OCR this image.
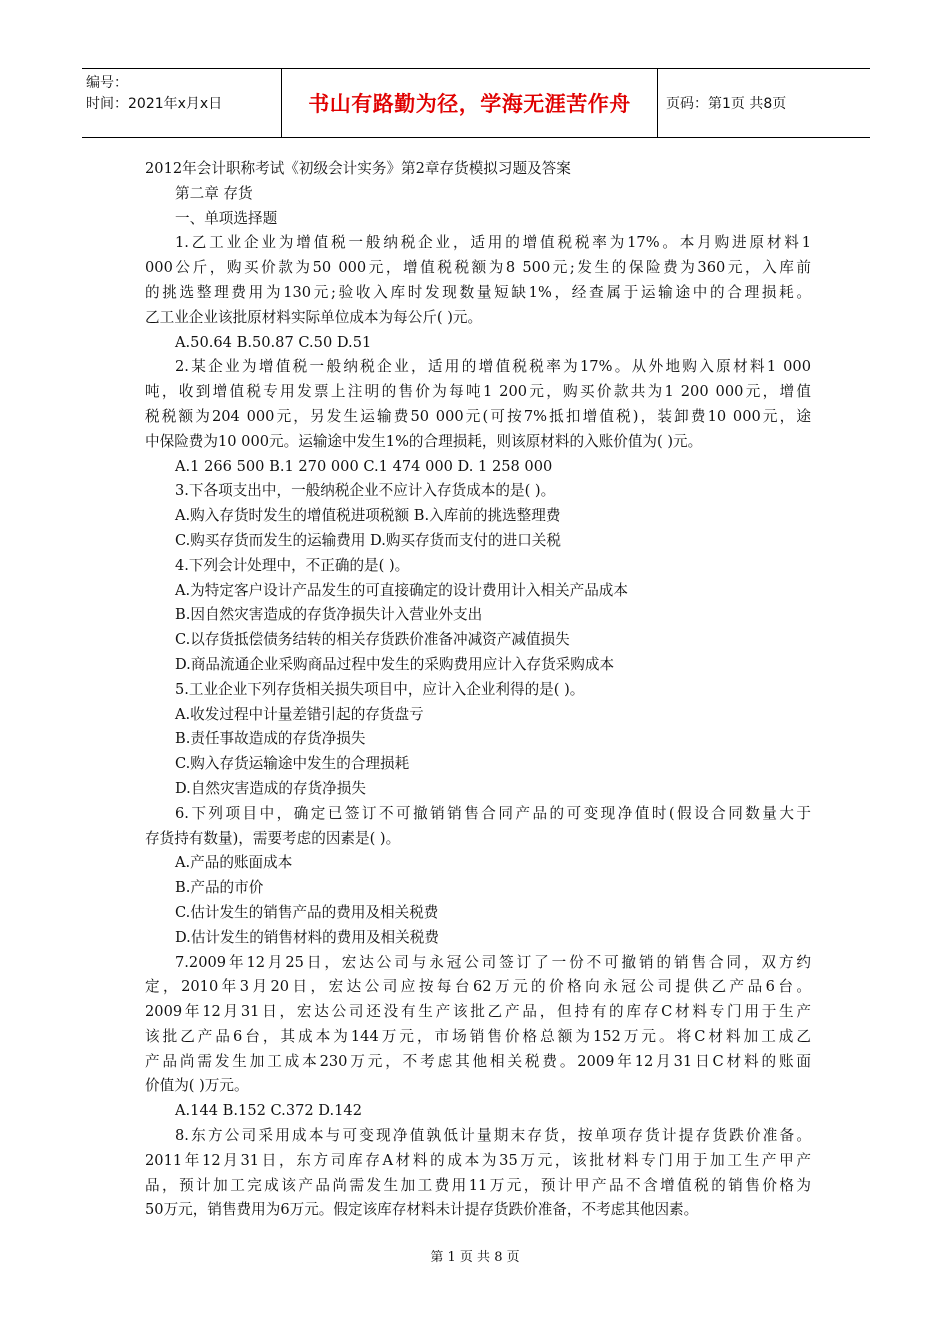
编号：
时间：2021年x月x日	书山有路勤为径，学海无涯苦作舟	页码：第1页 共8页

2012年会计职称考试《初级会计实务》第2章存货模拟习题及答案

第二章 存货

一、单项选择题

1.乙工业企业为增值税一般纳税企业，适用的增值税税率为17%。本月购进原材料1
000公斤，购买价款为50 000元，增值税税额为8 500元;发生的保险费为360元，入库前
的挑选整理费用为130元;验收入库时发现数量短缺1%，经查属于运输途中的合理损耗。
乙工业企业该批原材料实际单位成本为每公斤( )元。
A.50.64 B.50.87 C.50 D.51
2.某企业为增值税一般纳税企业，适用的增值税税率为17%。从外地购入原材料1 000
吨，收到增值税专用发票上注明的售价为每吨1 200元，购买价款共为1 200 000元，增值
税税额为204 000元，另发生运输费50 000元(可按7%抵扣增值税)，装卸费10 000元，途
中保险费为10 000元。运输途中发生1%的合理损耗，则该原材料的入账价值为( )元。
A.1 266 500 B.1 270 000 C.1 474 000 D. 1 258 000
3.下各项支出中，一般纳税企业不应计入存货成本的是( )。
A.购入存货时发生的增值税进项税额 B.入库前的挑选整理费
C.购买存货而发生的运输费用 D.购买存货而支付的进口关税
4.下列会计处理中，不正确的是( )。
A.为特定客户设计产品发生的可直接确定的设计费用计入相关产品成本
B.因自然灾害造成的存货净损失计入营业外支出
C.以存货抵偿债务结转的相关存货跌价准备冲减资产减值损失
D.商品流通企业采购商品过程中发生的采购费用应计入存货采购成本
5.工业企业下列存货相关损失项目中，应计入企业利得的是( )。
A.收发过程中计量差错引起的存货盘亏
B.责任事故造成的存货净损失
C.购入存货运输途中发生的合理损耗
D.自然灾害造成的存货净损失
6.下列项目中，确定已签订不可撤销销售合同产品的可变现净值时(假设合同数量大于
存货持有数量)，需要考虑的因素是( )。
A.产品的账面成本
B.产品的市价
C.估计发生的销售产品的费用及相关税费
D.估计发生的销售材料的费用及相关税费
7.2009年12月25日，宏达公司与永冠公司签订了一份不可撤销的销售合同，双方约
定，2010年3月20日，宏达公司应按每台62万元的价格向永冠公司提供乙产品6台。
2009年12月31日，宏达公司还没有生产该批乙产品，但持有的库存C材料专门用于生产
该批乙产品6台，其成本为144万元，市场销售价格总额为152万元。将C材料加工成乙
产品尚需发生加工成本230万元，不考虑其他相关税费。2009年12月31日C材料的账面
价值为( )万元。
A.144 B.152 C.372 D.142
8.东方公司采用成本与可变现净值孰低计量期末存货，按单项存货计提存货跌价准备。
2011年12月31日，东方司库存A材料的成本为35万元，该批材料专门用于加工生产甲产
品，预计加工完成该产品尚需发生加工费用11万元，预计甲产品不含增值税的销售价格为
50万元，销售费用为6万元。假定该库存材料未计提存货跌价准备，不考虑其他因素。
第 1 页 共 8 页
